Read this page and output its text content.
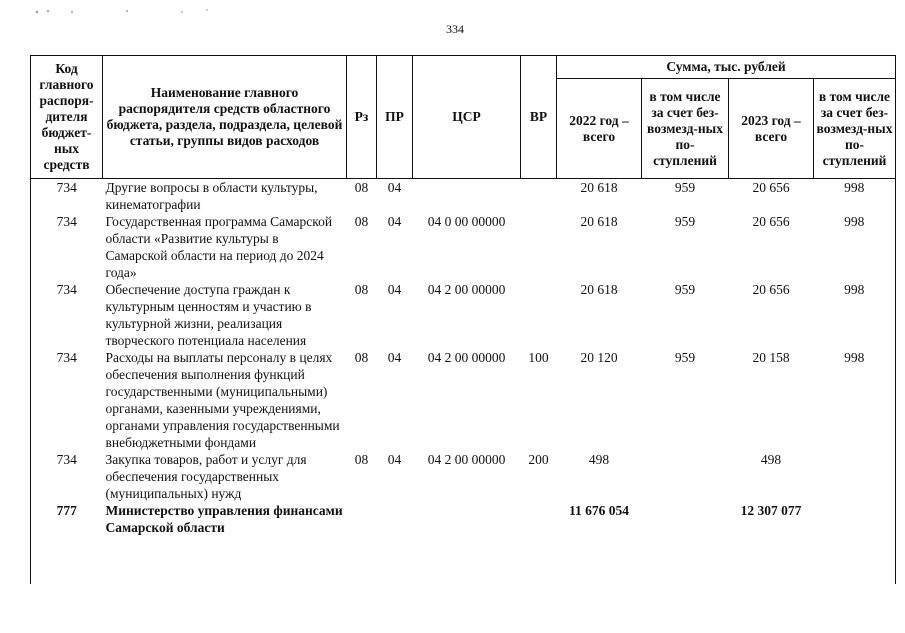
334
Код главного распоря-дителя бюджет-ных средств	Наименование главного распорядителя средств областного бюджета, раздела, подраздела, целевой статьи, группы видов расходов	Рз	ПР	ЦСР	ВР	Сумма, тыс. рублей			
						2022 год – всего	в том числе за счет без-возмезд-ных по-ступлений	2023 год – всего	в том числе за счет без-возмезд-ных по-ступлений
734	Другие вопросы в области культуры, кинематографии	08	04			20 618	959	20 656	998
734	Государственная программа Самарской области «Развитие культуры в Самарской области на период до 2024 года»	08	04	04 0 00 00000		20 618	959	20 656	998
734	Обеспечение доступа граждан к культурным ценностям и участию в культурной жизни, реализация творческого потенциала населения	08	04	04 2 00 00000		20 618	959	20 656	998
734	Расходы на выплаты персоналу в целях обеспечения выполнения функций государственными (муниципальными) органами, казенными учреждениями, органами управления государственными внебюджетными фондами	08	04	04 2 00 00000	100	20 120	959	20 158	998
734	Закупка товаров, работ и услуг для обеспечения государственных (муниципальных) нужд	08	04	04 2 00 00000	200	498		498	
777	Министерство управления финансами Самарской области					11 676 054		12 307 077	
